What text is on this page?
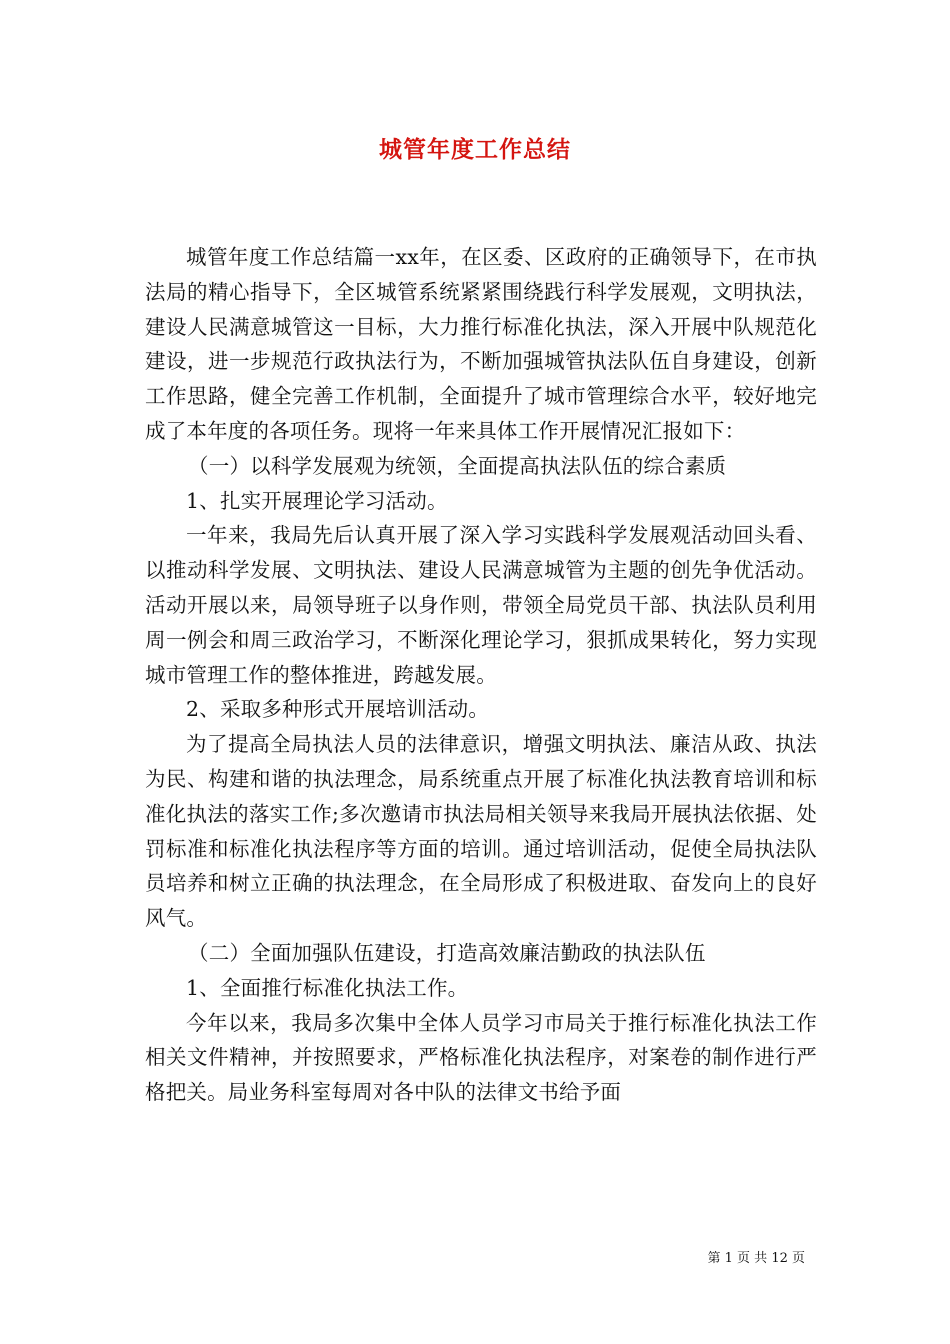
城管年度工作总结

城管年度工作总结篇一xx年，在区委、区政府的正确领导下，在市执法局的精心指导下，全区城管系统紧紧围绕践行科学发展观，文明执法，建设人民满意城管这一目标，大力推行标准化执法，深入开展中队规范化建设，进一步规范行政执法行为，不断加强城管执法队伍自身建设，创新工作思路，健全完善工作机制，全面提升了城市管理综合水平，较好地完成了本年度的各项任务。现将一年来具体工作开展情况汇报如下：

（一）以科学发展观为统领，全面提高执法队伍的综合素质

1、扎实开展理论学习活动。

一年来，我局先后认真开展了深入学习实践科学发展观活动回头看、以推动科学发展、文明执法、建设人民满意城管为主题的创先争优活动。活动开展以来，局领导班子以身作则，带领全局党员干部、执法队员利用周一例会和周三政治学习，不断深化理论学习，狠抓成果转化，努力实现城市管理工作的整体推进，跨越发展。

2、采取多种形式开展培训活动。

为了提高全局执法人员的法律意识，增强文明执法、廉洁从政、执法为民、构建和谐的执法理念，局系统重点开展了标准化执法教育培训和标准化执法的落实工作;多次邀请市执法局相关领导来我局开展执法依据、处罚标准和标准化执法程序等方面的培训。通过培训活动，促使全局执法队员培养和树立正确的执法理念，在全局形成了积极进取、奋发向上的良好风气。

（二）全面加强队伍建设，打造高效廉洁勤政的执法队伍

1、全面推行标准化执法工作。

今年以来，我局多次集中全体人员学习市局关于推行标准化执法工作相关文件精神，并按照要求，严格标准化执法程序，对案卷的制作进行严格把关。局业务科室每周对各中队的法律文书给予面

第 1 页 共 12 页
